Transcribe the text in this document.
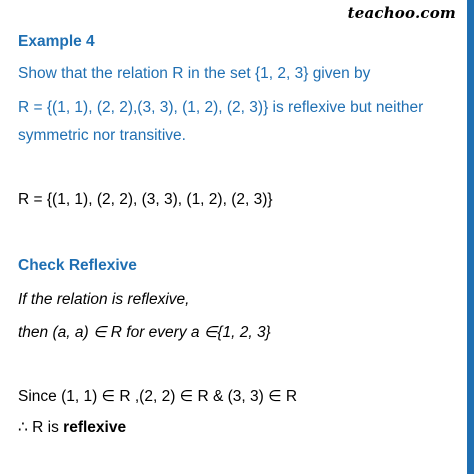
teachoo.com
Example 4
Show that the relation R in the set {1, 2, 3} given by
R = {(1, 1), (2, 2),(3, 3), (1, 2), (2, 3)} is reflexive but neither
symmetric nor transitive.
R = {(1, 1), (2, 2), (3, 3), (1, 2), (2, 3)}
Check Reflexive
If the relation is reflexive,
then (a, a) ∈ R for every a ∈{1, 2, 3}
Since (1, 1) ∈ R ,(2, 2) ∈ R & (3, 3) ∈ R
∴ R is reflexive
